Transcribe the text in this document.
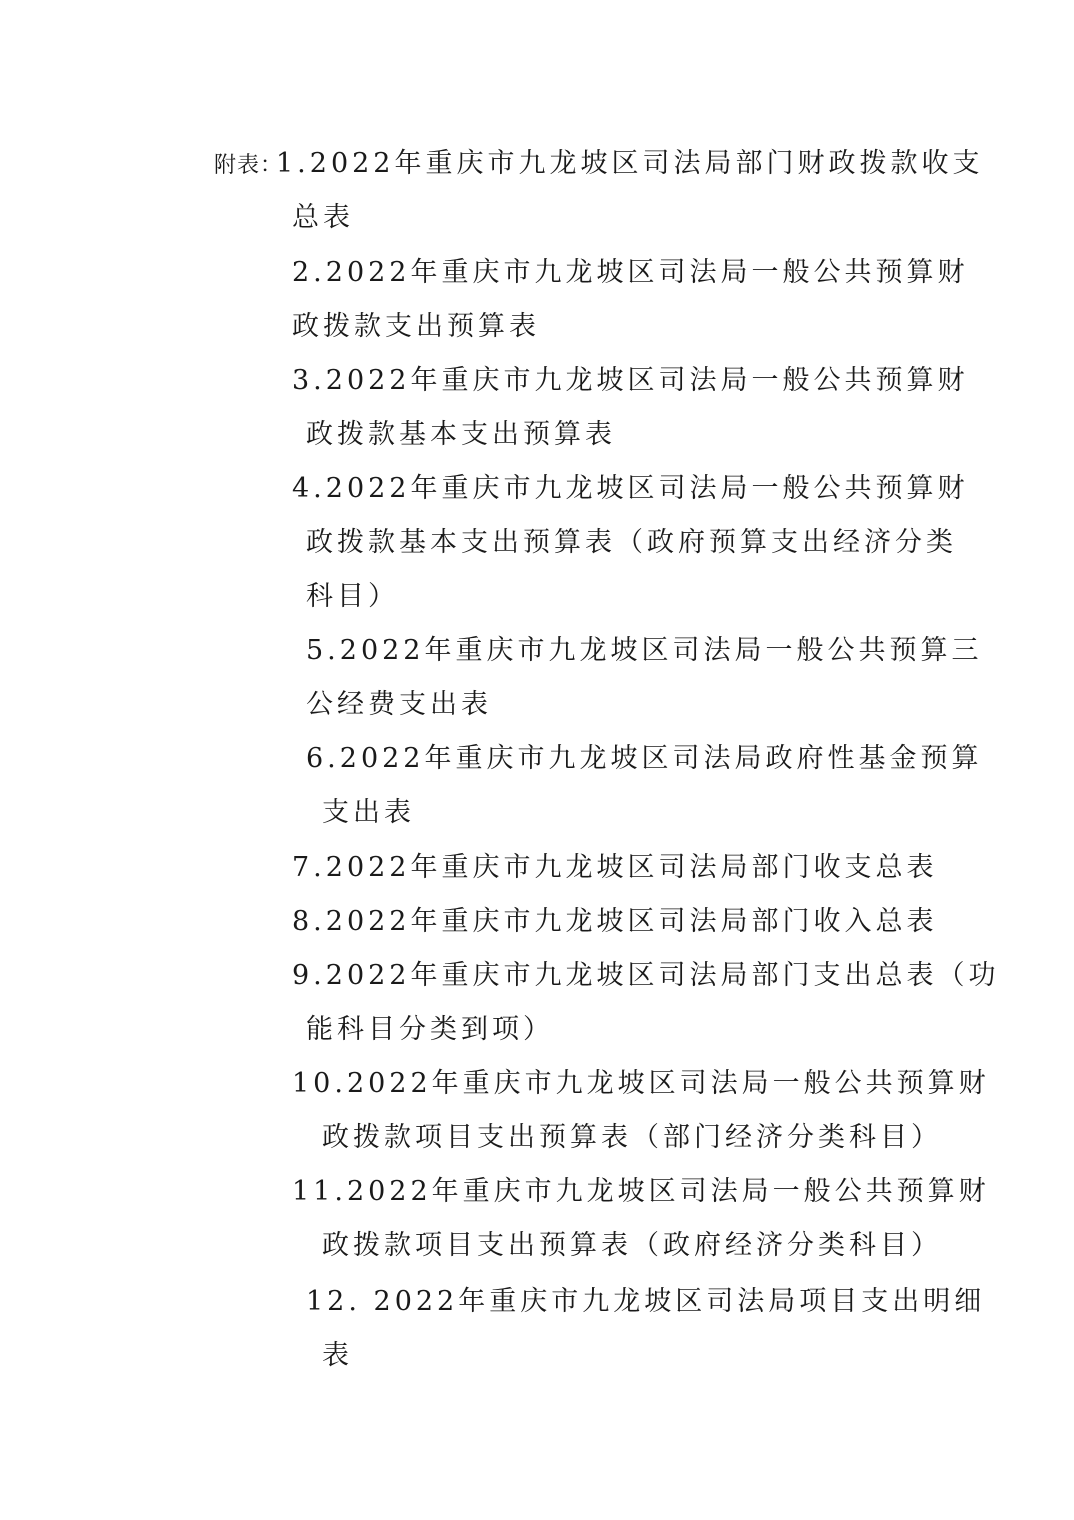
附表：
1.2022年重庆市九龙坡区司法局部门财政拨款收支
总表
2.2022年重庆市九龙坡区司法局一般公共预算财
政拨款支出预算表
3.2022年重庆市九龙坡区司法局一般公共预算财
政拨款基本支出预算表
4.2022年重庆市九龙坡区司法局一般公共预算财
政拨款基本支出预算表（政府预算支出经济分类
科目）
5.2022年重庆市九龙坡区司法局一般公共预算三
公经费支出表
6.2022年重庆市九龙坡区司法局政府性基金预算
支出表
7.2022年重庆市九龙坡区司法局部门收支总表
8.2022年重庆市九龙坡区司法局部门收入总表
9.2022年重庆市九龙坡区司法局部门支出总表（功
能科目分类到项）
10.2022年重庆市九龙坡区司法局一般公共预算财
政拨款项目支出预算表（部门经济分类科目）
11.2022年重庆市九龙坡区司法局一般公共预算财
政拨款项目支出预算表（政府经济分类科目）
12. 2022年重庆市九龙坡区司法局项目支出明细
表
